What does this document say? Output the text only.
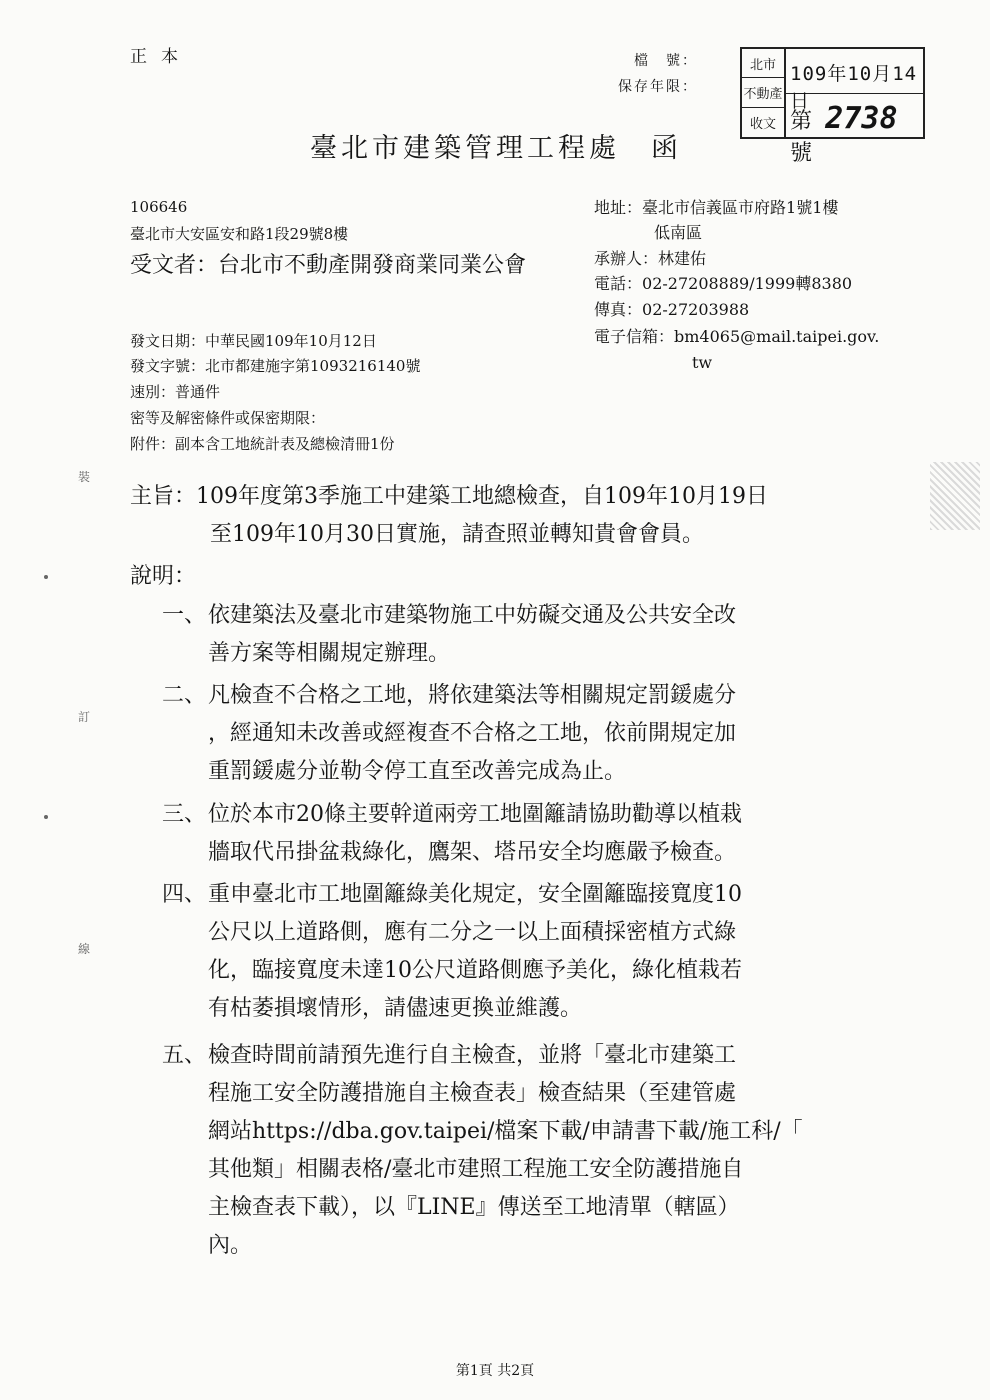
正本	檔　號：
保存年限：
北市
不動產
收文
109年10月14日
第 2738 號
臺北市建築管理工程處　函
106646
臺北市大安區安和路1段29號8樓
受文者： 台北市不動產開發商業同業公會
地址：臺北市信義區市府路1號1樓
低南區
承辦人：林建佑
電話：02-27208889/1999轉8380
傳真：02-27203988
電子信箱：bm4065@mail.taipei.gov.
tw
發文日期：中華民國109年10月12日
發文字號：北市都建施字第1093216140號
速別：普通件
密等及解密條件或保密期限：
附件：副本含工地統計表及總檢清冊1份
主旨：109年度第3季施工中建築工地總檢查，自109年10月19日
至109年10月30日實施，請查照並轉知貴會會員。
說明：
一、 依建築法及臺北市建築物施工中妨礙交通及公共安全改
善方案等相關規定辦理。
二、 凡檢查不合格之工地，將依建築法等相關規定罰鍰處分
，經通知未改善或經複查不合格之工地，依前開規定加
重罰鍰處分並勒令停工直至改善完成為止。
三、 位於本市20條主要幹道兩旁工地圍籬請協助勸導以植栽
牆取代吊掛盆栽綠化，鷹架、塔吊安全均應嚴予檢查。
四、 重申臺北市工地圍籬綠美化規定，安全圍籬臨接寬度10
公尺以上道路側，應有二分之一以上面積採密植方式綠
化，臨接寬度未達10公尺道路側應予美化，綠化植栽若
有枯萎損壞情形，請儘速更換並維護。
五、 檢查時間前請預先進行自主檢查，並將「臺北市建築工
程施工安全防護措施自主檢查表」檢查結果（至建管處
網站https://dba.gov.taipei/檔案下載/申請書下載/施工科/「
其他類」相關表格/臺北市建照工程施工安全防護措施自
主檢查表下載），以『LINE』傳送至工地清單（轄區）
內。
裝
訂
線
第1頁 共2頁
